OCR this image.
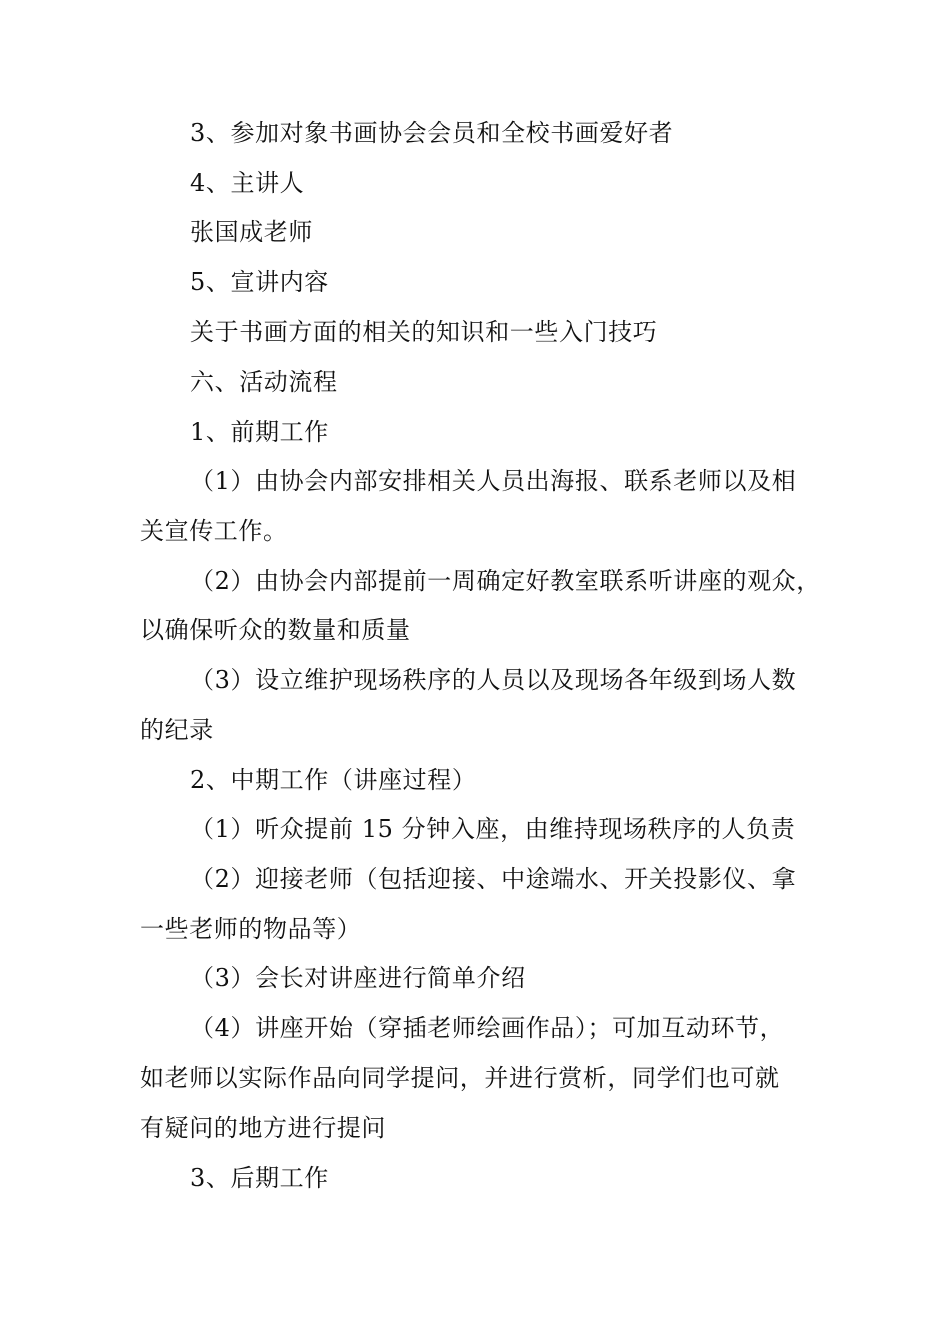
3、参加对象书画协会会员和全校书画爱好者

4、主讲人

张国成老师

5、宣讲内容

关于书画方面的相关的知识和一些入门技巧

六、活动流程

1、前期工作

（1）由协会内部安排相关人员出海报、联系老师以及相

关宣传工作。

（2）由协会内部提前一周确定好教室联系听讲座的观众，

以确保听众的数量和质量

（3）设立维护现场秩序的人员以及现场各年级到场人数

的纪录

2、中期工作（讲座过程）

（1）听众提前 15 分钟入座，由维持现场秩序的人负责

（2）迎接老师（包括迎接、中途端水、开关投影仪、拿

一些老师的物品等）

（3）会长对讲座进行简单介绍

（4）讲座开始（穿插老师绘画作品）；可加互动环节，

如老师以实际作品向同学提问，并进行赏析，同学们也可就

有疑问的地方进行提问

3、后期工作
